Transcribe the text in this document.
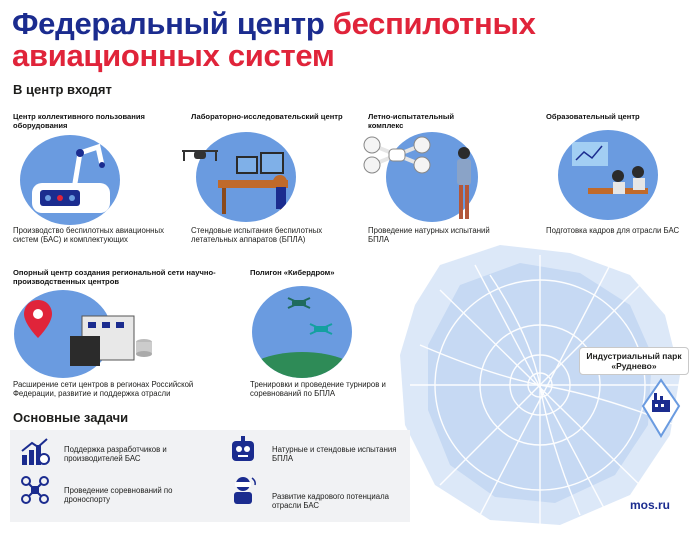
Федеральный центр беспилотных
авиационных систем
В центр входят
Индустриальный парк «Руднево»
Центр коллективного пользования оборудования
Производство беспилотных авиационных систем (БАС) и комплектующих
Лабораторно-исследовательский центр
Стендовые испытания беспилотных летательных аппаратов (БПЛА)
Летно-испытательный комплекс
Проведение натурных испытаний БПЛА
Образовательный центр
Подготовка кадров для отрасли БАС
Опорный центр создания региональной сети научно-производственных центров
Расширение сети центров в регионах Российской Федерации, развитие и поддержка отрасли
Полигон «Кибердром»
Тренировки и проведение турниров и соревнований по БПЛА
Основные задачи
Поддержка разработчиков и производителей БАС
Натурные и стендовые испытания БПЛА
Проведение соревнований по дроноспорту	Развитие кадрового потенциала отрасли БАС	mos.ru
